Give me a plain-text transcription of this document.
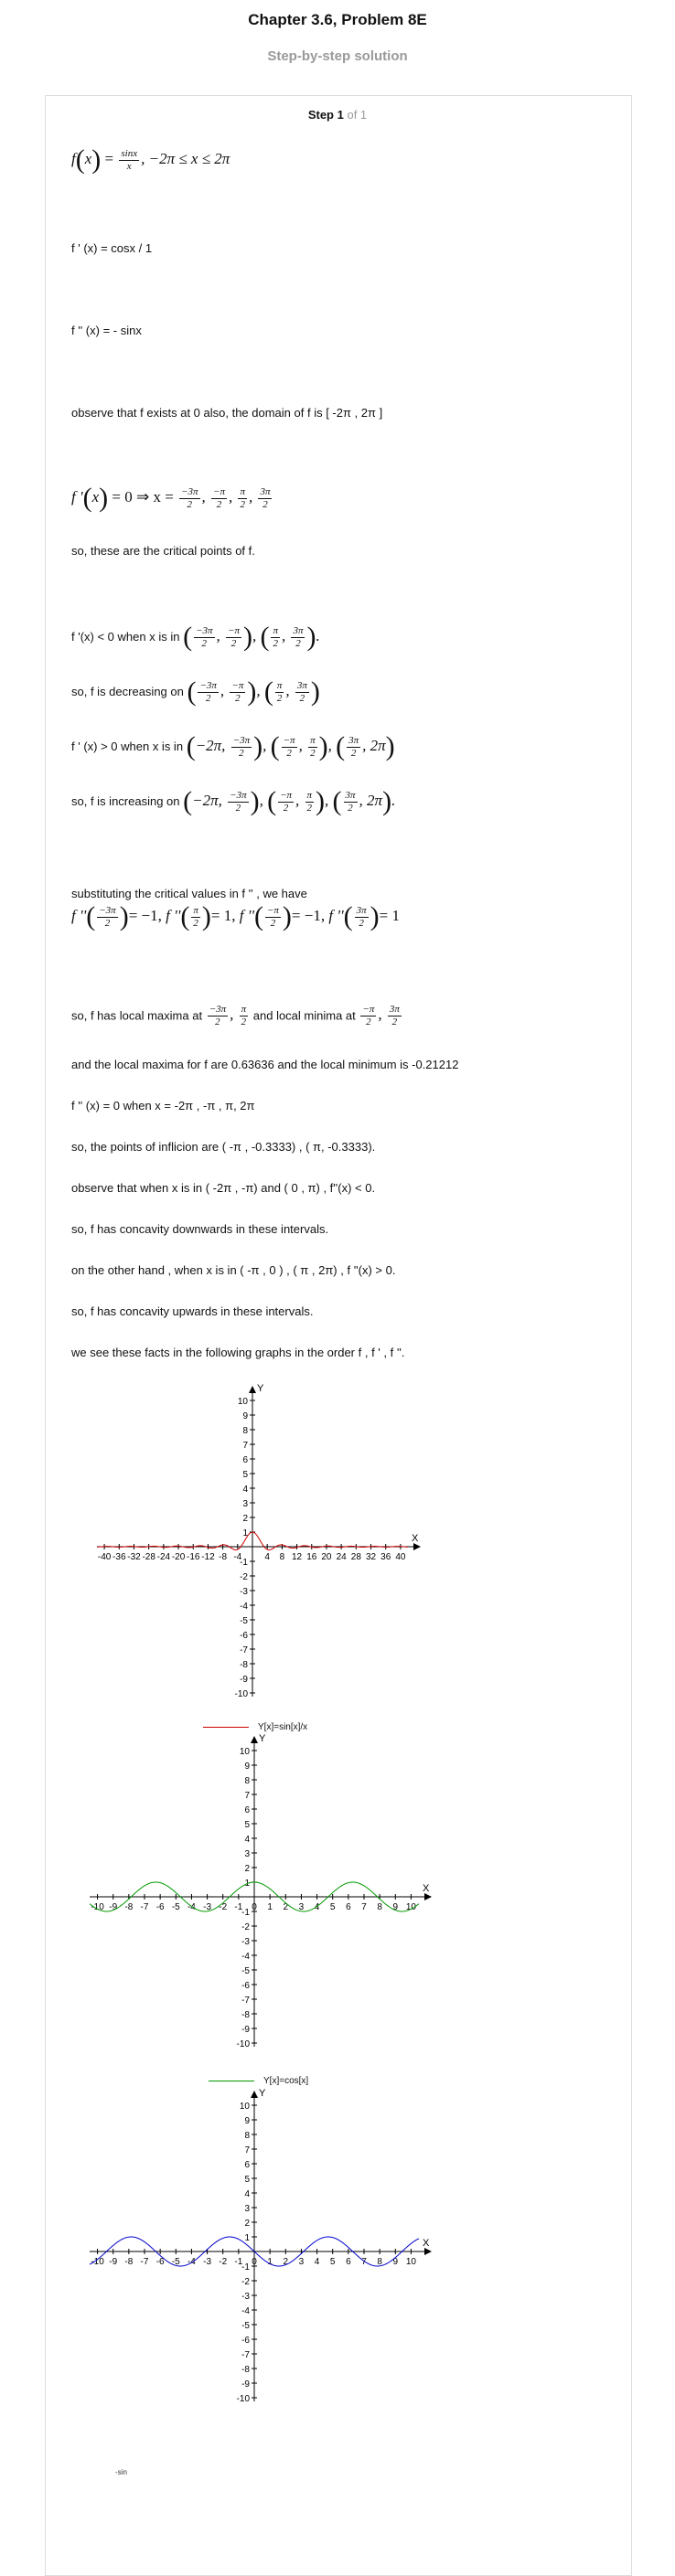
Chapter 3.6, Problem 8E
Step-by-step solution
Step 1 of 1
$f(x) = \frac{\sin x}{x}$ , −2π ≤ x ≤ 2π
f ' (x) = cosx / 1
f '' (x) = - sinx
observe that f exists at 0 also, the domain of f is [ -2π , 2π ]
f '(x) = 0 ⇒ $x = \frac{-3\pi}{2}$ , $\frac{-\pi}{2}$ , $\frac{\pi}{2}$ , $\frac{3\pi}{2}$
so, these are the critical points of f.
f '(x) < 0 when x is in ( $\frac{-3\pi}{2}$ , $\frac{-\pi}{2}$ ), ( $\frac{\pi}{2}$ , $\frac{3\pi}{2}$ ).
so, f is decreasing on ( $\frac{-3\pi}{2}$ , $\frac{-\pi}{2}$ ), ( $\frac{\pi}{2}$ , $\frac{3\pi}{2}$ )
f ' (x) > 0 when x is in (−2π, $\frac{-3\pi}{2}$ ), ( $\frac{-\pi}{2}$ , $\frac{\pi}{2}$ ), ( $\frac{3\pi}{2}$ , 2π)
so, f is increasing on (−2π, $\frac{-3\pi}{2}$ ), ( $\frac{-\pi}{2}$ , $\frac{\pi}{2}$ ), ( $\frac{3\pi}{2}$ , 2π).
substituting the critical values in f '' , we have
f ''( $\frac{-3\pi}{2}$ )= −1, f ''( $\frac{\pi}{2}$ )= 1, f ''( $\frac{-\pi}{2}$ )= −1, f ''( $\frac{3\pi}{2}$ )= 1
so, f has local maxima at $\frac{-3\pi}{2}$ , $\frac{\pi}{2}$ and local minima at $\frac{-\pi}{2}$ , $\frac{3\pi}{2}$
and the local maxima for f are 0.63636 and the local minimum is -0.21212
f '' (x) = 0 when x = -2π , -π , π, 2π
so, the points of inflicion are ( -π , -0.3333) , ( π, -0.3333).
observe that when x is in ( -2π , -π) and ( 0 , π) , f''(x) < 0.
so, f has concavity downwards in these intervals.
on the other hand , when x is in ( -π , 0 ) , ( π , 2π) , f ''(x) > 0.
so, f has concavity upwards in these intervals.
we see these facts in the following graphs in the order f , f ' , f ''.
X
Y
-40 -36 -32 -28 -24 -20 -16 -12 -8 -4	4 8 12 16 20 24 28 32 36 40
-10
-9
-8
-7
-6
-5
-4
-3
-2
-1
1
2
3
4
5
6
7
8
9
10
Y[x]=sin[x]/x
X
Y
-10 -9 -8 -7 -6 -5 -4 -3 -2 -1 0 1 2 3 4 5 6 7 8 9 10
-10
-9
-8
-7
-6
-5
-4
-3
-2
-1
1
2
3
4
5
6
7
8
9
10
Y[x]=cos[x]
X
Y
-10 -9 -8 -7 -6 -5 -4 -3 -2 -1 0 1 2 3 4 5 6 7 8 9 10
-10
-9
-8
-7
-6
-5
-4
-3
-2
-1
1
2
3
4
5
6
7
8
9
10
-sin
